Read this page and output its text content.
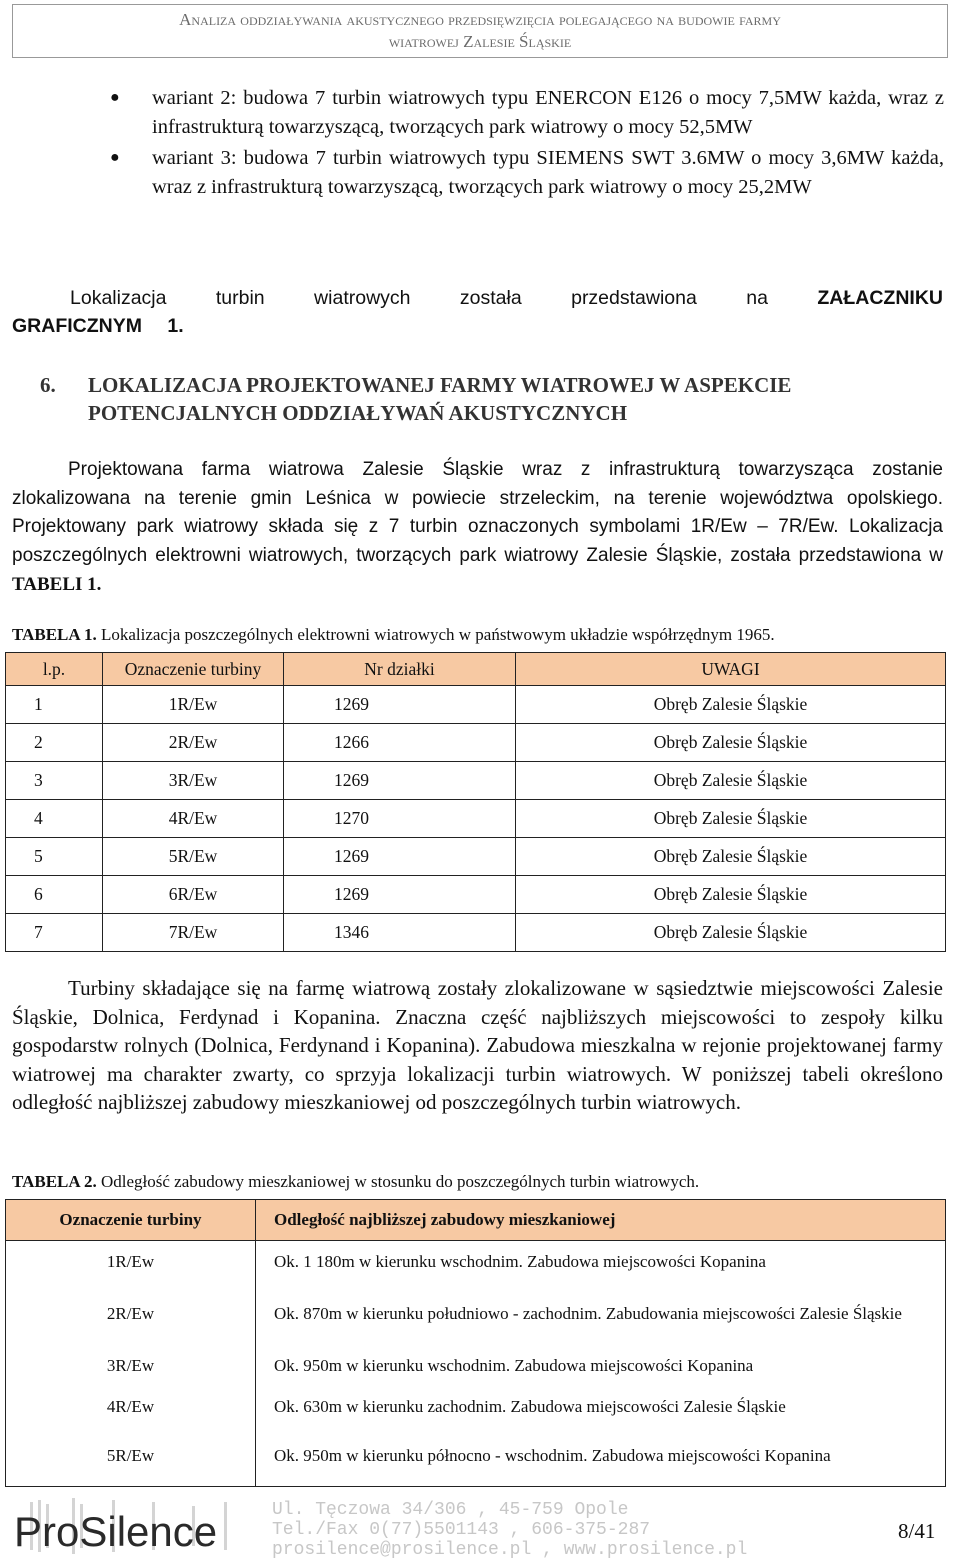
Analiza oddziaływania akustycznego przedsięwzięcia polegającego na budowie farmy
wiatrowej Zalesie Śląskie
● wariant 2: budowa 7 turbin wiatrowych typu ENERCON E126 o mocy 7,5MW każda, wraz z infrastrukturą towarzyszącą, tworzących park wiatrowy o mocy 52,5MW
● wariant 3: budowa 7 turbin wiatrowych typu SIEMENS SWT 3.6MW o mocy 3,6MW każda, wraz z infrastrukturą towarzyszącą, tworzących park wiatrowy o mocy 25,2MW
Lokalizacja turbin wiatrowych została przedstawiona na	ZAŁACZNIKU GRAFICZNYM 1.
6. LOKALIZACJA PROJEKTOWANEJ FARMY WIATROWEJ W ASPEKCIE POTENCJALNYCH ODDZIAŁYWAŃ AKUSTYCZNYCH
Projektowana farma wiatrowa Zalesie Śląskie wraz z infrastrukturą towarzysząca zostanie zlokalizowana na terenie gmin Leśnica w powiecie strzeleckim, na terenie województwa opolskiego. Projektowany park wiatrowy składa się z 7 turbin oznaczonych symbolami 1R/Ew – 7R/Ew. Lokalizacja poszczególnych elektrowni wiatrowych, tworzących park wiatrowy Zalesie Śląskie, została przedstawiona w TABELI 1.
TABELA 1. Lokalizacja poszczególnych elektrowni wiatrowych w państwowym układzie współrzędnym 1965.
l.p.	Oznaczenie turbiny	Nr działki	UWAGI
1	1R/Ew	1269	Obręb Zalesie Śląskie
2	2R/Ew	1266	Obręb Zalesie Śląskie
3	3R/Ew	1269	Obręb Zalesie Śląskie
4	4R/Ew	1270	Obręb Zalesie Śląskie
5	5R/Ew	1269	Obręb Zalesie Śląskie
6	6R/Ew	1269	Obręb Zalesie Śląskie
7	7R/Ew	1346	Obręb Zalesie Śląskie
Turbiny składające się na farmę wiatrową zostały zlokalizowane w sąsiedztwie miejscowości Zalesie Śląskie, Dolnica, Ferdynad i Kopanina. Znaczna część najbliższych miejscowości to zespoły kilku gospodarstw rolnych (Dolnica, Ferdynand i Kopanina). Zabudowa mieszkalna w rejonie projektowanej farmy wiatrowej ma charakter zwarty, co sprzyja lokalizacji turbin wiatrowych. W poniższej tabeli określono odległość najbliższej zabudowy mieszkaniowej od poszczególnych turbin wiatrowych.
TABELA 2. Odległość zabudowy mieszkaniowej w stosunku do poszczególnych turbin wiatrowych.
Oznaczenie turbiny	Odległość najbliższej zabudowy mieszkaniowej
1R/Ew	Ok. 1 180m w kierunku wschodnim. Zabudowa miejscowości Kopanina
2R/Ew	Ok. 870m w kierunku południowo - zachodnim. Zabudowania miejscowości Zalesie Śląskie
3R/Ew	Ok. 950m w kierunku wschodnim. Zabudowa miejscowości Kopanina
4R/Ew	Ok. 630m w kierunku zachodnim. Zabudowa miejscowości Zalesie Śląskie
5R/Ew	Ok. 950m w kierunku północno - wschodnim. Zabudowa miejscowości Kopanina
ProSilence	Ul. Tęczowa 34/306 , 45-759 Opole
Tel./Fax 0(77)5501143 , 606-375-287
prosilence@prosilence.pl , www.prosilence.pl
8/41
